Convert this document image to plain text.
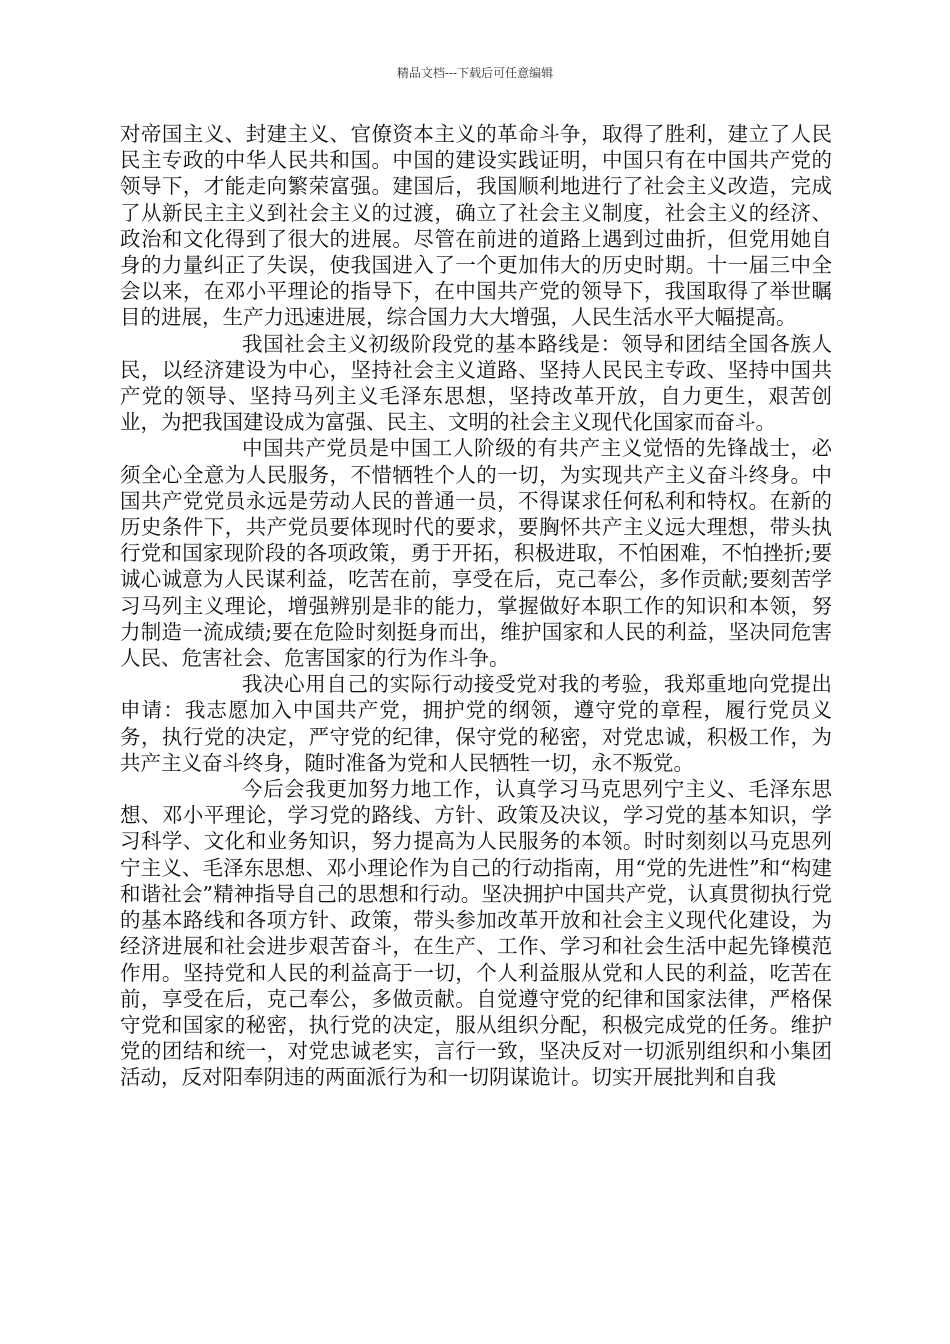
精品文档---下载后可任意编辑

对帝国主义、封建主义、官僚资本主义的革命斗争，取得了胜利，建立了人民民主专政的中华人民共和国。中国的建设实践证明，中国只有在中国共产党的领导下，才能走向繁荣富强。建国后，我国顺利地进行了社会主义改造，完成了从新民主主义到社会主义的过渡，确立了社会主义制度，社会主义的经济、政治和文化得到了很大的进展。尽管在前进的道路上遇到过曲折，但党用她自身的力量纠正了失误，使我国进入了一个更加伟大的历史时期。十一届三中全会以来，在邓小平理论的指导下，在中国共产党的领导下，我国取得了举世瞩目的进展，生产力迅速进展，综合国力大大增强，人民生活水平大幅提高。

我国社会主义初级阶段党的基本路线是：领导和团结全国各族人民，以经济建设为中心，坚持社会主义道路、坚持人民民主专政、坚持中国共产党的领导、坚持马列主义毛泽东思想，坚持改革开放，自力更生，艰苦创业，为把我国建设成为富强、民主、文明的社会主义现代化国家而奋斗。

中国共产党员是中国工人阶级的有共产主义觉悟的先锋战士，必须全心全意为人民服务，不惜牺牲个人的一切，为实现共产主义奋斗终身。中国共产党党员永远是劳动人民的普通一员，不得谋求任何私利和特权。在新的历史条件下，共产党员要体现时代的要求，要胸怀共产主义远大理想，带头执行党和国家现阶段的各项政策，勇于开拓，积极进取，不怕困难，不怕挫折;要诚心诚意为人民谋利益，吃苦在前，享受在后，克己奉公，多作贡献;要刻苦学习马列主义理论，增强辨别是非的能力，掌握做好本职工作的知识和本领，努力制造一流成绩;要在危险时刻挺身而出，维护国家和人民的利益，坚决同危害人民、危害社会、危害国家的行为作斗争。

我决心用自己的实际行动接受党对我的考验，我郑重地向党提出申请：我志愿加入中国共产党，拥护党的纲领，遵守党的章程，履行党员义务，执行党的决定，严守党的纪律，保守党的秘密，对党忠诚，积极工作，为共产主义奋斗终身，随时准备为党和人民牺牲一切，永不叛党。

今后会我更加努力地工作，认真学习马克思列宁主义、毛泽东思想、邓小平理论，学习党的路线、方针、政策及决议，学习党的基本知识，学习科学、文化和业务知识，努力提高为人民服务的本领。时时刻刻以马克思列宁主义、毛泽东思想、邓小理论作为自己的行动指南，用“党的先进性”和“构建和谐社会”精神指导自己的思想和行动。坚决拥护中国共产党，认真贯彻执行党的基本路线和各项方针、政策，带头参加改革开放和社会主义现代化建设，为经济进展和社会进步艰苦奋斗，在生产、工作、学习和社会生活中起先锋模范作用。坚持党和人民的利益高于一切，个人利益服从党和人民的利益，吃苦在前，享受在后，克己奉公，多做贡献。自觉遵守党的纪律和国家法律，严格保守党和国家的秘密，执行党的决定，服从组织分配，积极完成党的任务。维护党的团结和统一，对党忠诚老实，言行一致，坚决反对一切派别组织和小集团活动，反对阳奉阴违的两面派行为和一切阴谋诡计。切实开展批判和自我
